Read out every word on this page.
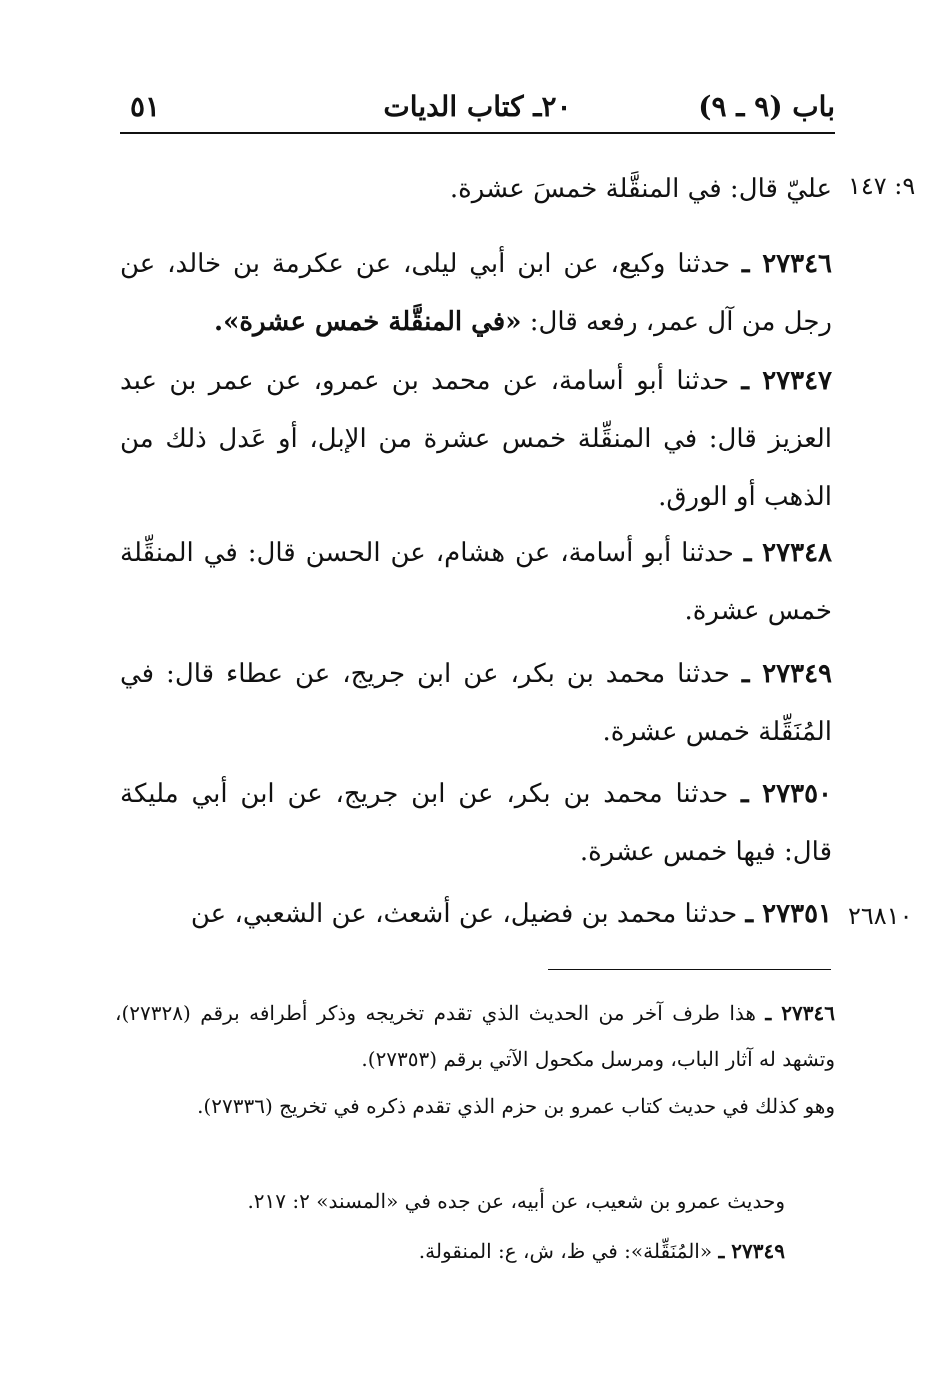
باب (٩ ـ ٩)
٢٠ـ كتاب الديات
٥١
٩: ١٤٧
٢٦٨١٠

عليّ قال: في المنقَّلة خمسَ عشرة.

٢٧٣٤٦ ـ حدثنا وكيع، عن ابن أبي ليلى، عن عكرمة بن خالد، عن رجل من آل عمر، رفعه قال: «في المنقَّلة خمس عشرة».

٢٧٣٤٧ ـ حدثنا أبو أسامة، عن محمد بن عمرو، عن عمر بن عبد العزيز قال: في المنقِّلة خمس عشرة من الإبل، أو عَدل ذلك من الذهب أو الورق.

٢٧٣٤٨ ـ حدثنا أبو أسامة، عن هشام، عن الحسن قال: في المنقِّلة خمس عشرة.

٢٧٣٤٩ ـ حدثنا محمد بن بكر، عن ابن جريج، عن عطاء قال: في المُنَقِّلة خمس عشرة.

٢٧٣٥٠ ـ حدثنا محمد بن بكر، عن ابن جريج، عن ابن أبي مليكة قال: فيها خمس عشرة.

٢٧٣٥١ ـ حدثنا محمد بن فضيل، عن أشعث، عن الشعبي، عن

٢٧٣٤٦ ـ هذا طرف آخر من الحديث الذي تقدم تخريجه وذكر أطرافه برقم (٢٧٣٢٨)، وتشهد له آثار الباب، ومرسل مكحول الآتي برقم (٢٧٣٥٣).

وهو كذلك في حديث كتاب عمرو بن حزم الذي تقدم ذكره في تخريج (٢٧٣٣٦).

وحديث عمرو بن شعيب، عن أبيه، عن جده في «المسند» ٢: ٢١٧.

٢٧٣٤٩ ـ «المُنَقِّلة»: في ظ، ش، ع: المنقولة.
